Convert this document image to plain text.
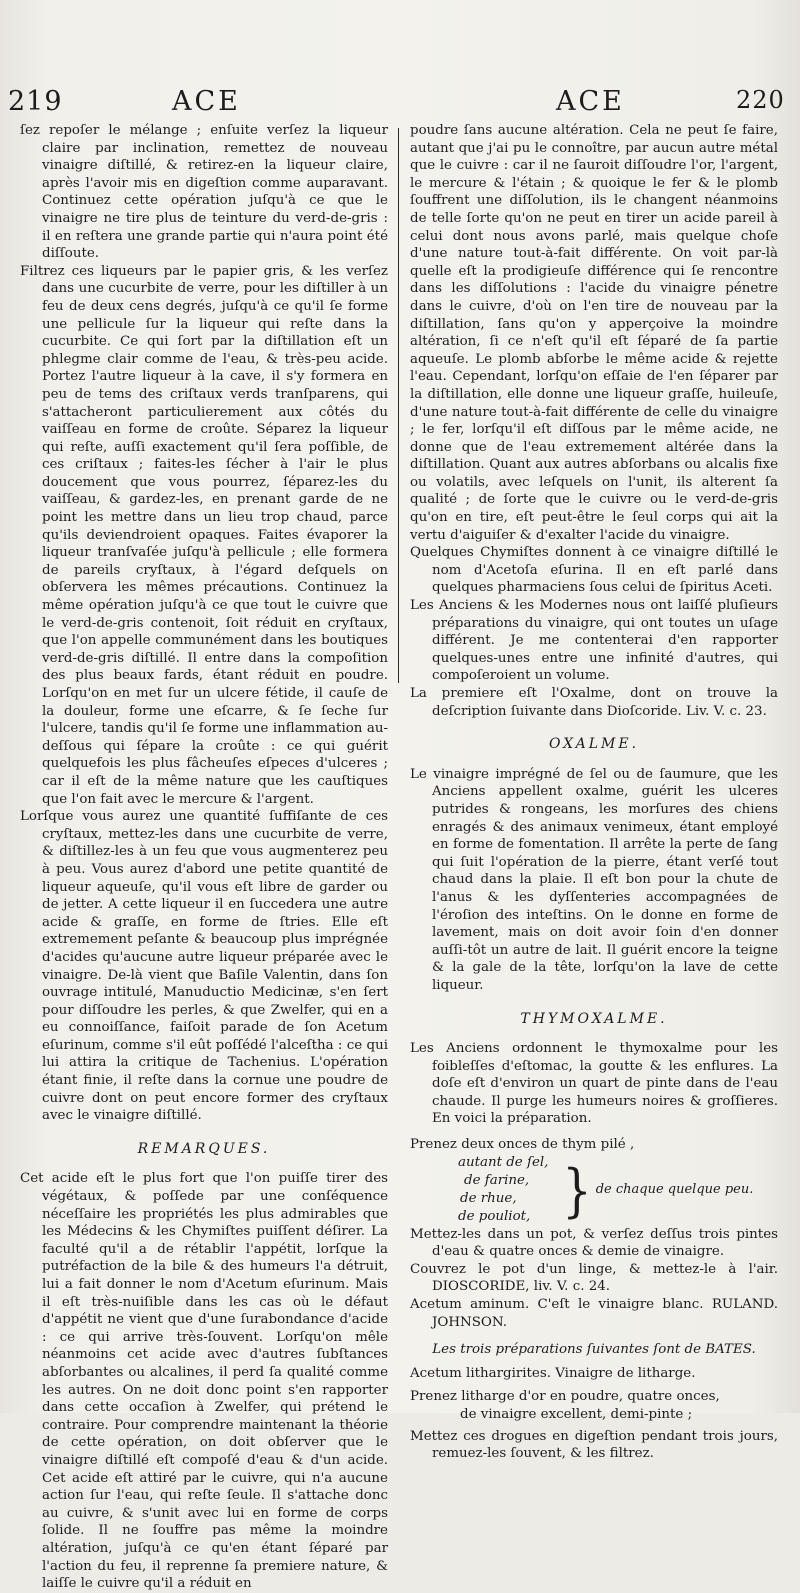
219	ACE	ACE	220

ſez repoſer le mélange ; enſuite verſez la liqueur claire par inclination, remettez de nouveau vinaigre diſtillé, & retirez-en la liqueur claire, après l'avoir mis en digeſtion comme auparavant. Continuez cette opération juſqu'à ce que le vinaigre ne tire plus de teinture du verd-de-gris : il en reſtera une grande partie qui n'aura point été diſſoute.

Filtrez ces liqueurs par le papier gris, & les verſez dans une cucurbite de verre, pour les diſtiller à un feu de deux cens degrés, juſqu'à ce qu'il ſe forme une pellicule ſur la liqueur qui reſte dans la cucurbite. Ce qui ſort par la diſtillation eſt un phlegme clair comme de l'eau, & très-peu acide. Portez l'autre liqueur à la cave, il s'y formera en peu de tems des criſtaux verds tranſparens, qui s'attacheront particulierement aux côtés du vaiſſeau en forme de croûte. Séparez la liqueur qui reſte, auſſi exactement qu'il ſera poſſible, de ces criſtaux ; faites-les ſécher à l'air le plus doucement que vous pourrez, ſéparez-les du vaiſſeau, & gardez-les, en prenant garde de ne point les mettre dans un lieu trop chaud, parce qu'ils deviendroient opaques. Faites évaporer la liqueur tranſvaſée juſqu'à pellicule ; elle formera de pareils cryſtaux, à l'égard deſquels on obſervera les mêmes précautions. Continuez la même opération juſqu'à ce que tout le cuivre que le verd-de-gris contenoit, ſoit réduit en cryſtaux, que l'on appelle communément dans les boutiques verd-de-gris diſtillé. Il entre dans la compoſition des plus beaux fards, étant réduit en poudre. Lorſqu'on en met ſur un ulcere fétide, il cauſe de la douleur, forme une eſcarre, & ſe ſeche ſur l'ulcere, tandis qu'il ſe forme une inflammation au-deſſous qui ſépare la croûte : ce qui guérit quelquefois les plus fâcheuſes eſpeces d'ulceres ; car il eſt de la même nature que les cauſtiques que l'on fait avec le mercure & l'argent.

Lorſque vous aurez une quantité ſuffiſante de ces cryſtaux, mettez-les dans une cucurbite de verre, & diſtillez-les à un feu que vous augmenterez peu à peu. Vous aurez d'abord une petite quantité de liqueur aqueuſe, qu'il vous eſt libre de garder ou de jetter. A cette liqueur il en ſuccedera une autre acide & graſſe, en forme de ſtries. Elle eſt extremement peſante & beaucoup plus imprégnée d'acides qu'aucune autre liqueur préparée avec le vinaigre. De-là vient que Baſile Valentin, dans ſon ouvrage intitulé, Manuductio Medicinæ, s'en ſert pour diſſoudre les perles, & que Zwelfer, qui en a eu connoiſſance, faiſoit parade de ſon Acetum eſurinum, comme s'il eût poſſédé l'alceſtha : ce qui lui attira la critique de Tachenius. L'opération étant finie, il reſte dans la cornue une poudre de cuivre dont on peut encore former des cryſtaux avec le vinaigre diſtillé.

REMARQUES.

Cet acide eſt le plus fort que l'on puiſſe tirer des végétaux, & poſſede par une conſéquence néceſſaire les propriétés les plus admirables que les Médecins & les Chymiſtes puiſſent déſirer. La faculté qu'il a de rétablir l'appétit, lorſque la putréfaction de la bile & des humeurs l'a détruit, lui a fait donner le nom d'Acetum eſurinum. Mais il eſt très-nuiſible dans les cas où le défaut d'appétit ne vient que d'une ſurabondance d'acide : ce qui arrive très-ſouvent. Lorſqu'on mêle néanmoins cet acide avec d'autres ſubſtances abſorbantes ou alcalines, il perd ſa qualité comme les autres. On ne doit donc point s'en rapporter dans cette occaſion à Zwelfer, qui prétend le contraire. Pour comprendre maintenant la théorie de cette opération, on doit obſerver que le vinaigre diſtillé eſt compoſé d'eau & d'un acide. Cet acide eſt attiré par le cuivre, qui n'a aucune action ſur l'eau, qui reſte ſeule. Il s'attache donc au cuivre, & s'unit avec lui en forme de corps ſolide. Il ne ſouffre pas même la moindre altération, juſqu'à ce qu'en étant ſéparé par l'action du feu, il reprenne ſa premiere nature, & laiſſe le cuivre qu'il a réduit en

poudre ſans aucune altération. Cela ne peut ſe faire, autant que j'ai pu le connoître, par aucun autre métal que le cuivre : car il ne ſauroit diſſoudre l'or, l'argent, le mercure & l'étain ; & quoique le fer & le plomb ſouffrent une diſſolution, ils le changent néanmoins de telle ſorte qu'on ne peut en tirer un acide pareil à celui dont nous avons parlé, mais quelque choſe d'une nature tout-à-fait différente. On voit par-là quelle eſt la prodigieuſe différence qui ſe rencontre dans les diſſolutions : l'acide du vinaigre pénetre dans le cuivre, d'où on l'en tire de nouveau par la diſtillation, ſans qu'on y apperçoive la moindre altération, ſi ce n'eſt qu'il eſt ſéparé de ſa partie aqueuſe. Le plomb abſorbe le même acide & rejette l'eau. Cependant, lorſqu'on eſſaie de l'en ſéparer par la diſtillation, elle donne une liqueur graſſe, huileuſe, d'une nature tout-à-fait différente de celle du vinaigre ; le fer, lorſqu'il eſt diſſous par le même acide, ne donne que de l'eau extremement altérée dans la diſtillation. Quant aux autres abſorbans ou alcalis fixe ou volatils, avec leſquels on l'unit, ils alterent ſa qualité ; de ſorte que le cuivre ou le verd-de-gris qu'on en tire, eſt peut-être le ſeul corps qui ait la vertu d'aiguiſer & d'exalter l'acide du vinaigre.

Quelques Chymiſtes donnent à ce vinaigre diſtillé le nom d'Acetoſa eſurina. Il en eſt parlé dans quelques pharmaciens ſous celui de ſpiritus Aceti.

Les Anciens & les Modernes nous ont laiſſé pluſieurs préparations du vinaigre, qui ont toutes un uſage différent. Je me contenterai d'en rapporter quelques-unes entre une infinité d'autres, qui compoſeroient un volume.

La premiere eſt l'Oxalme, dont on trouve la deſcription ſuivante dans Dioſcoride. Liv. V. c. 23.

OXALME.

Le vinaigre imprégné de ſel ou de ſaumure, que les Anciens appellent oxalme, guérit les ulceres putrides & rongeans, les morſures des chiens enragés & des animaux venimeux, étant employé en forme de fomentation. Il arrête la perte de ſang qui ſuit l'opération de la pierre, étant verſé tout chaud dans la plaie. Il eſt bon pour la chute de l'anus & les dyſſenteries accompagnées de l'éroſion des inteſtins. On le donne en forme de lavement, mais on doit avoir ſoin d'en donner auſſi-tôt un autre de lait. Il guérit encore la teigne & la gale de la tête, lorſqu'on la lave de cette liqueur.

THYMOXALME.

Les Anciens ordonnent le thymoxalme pour les foibleſſes d'eſtomac, la goutte & les enflures. La doſe eſt d'environ un quart de pinte dans de l'eau chaude. Il purge les humeurs noires & groſſieres. En voici la préparation.

Prenez deux onces de thym pilé ,
autant de ſel,
de farine,
de rhue,
de pouliot, } de chaque quelque peu.

Mettez-les dans un pot, & verſez deſſus trois pintes d'eau & quatre onces & demie de vinaigre.

Couvrez le pot d'un linge, & mettez-le à l'air. DIOSCORIDE, liv. V. c. 24.

Acetum aminum. C'eſt le vinaigre blanc. RULAND. JOHNSON.

Les trois préparations ſuivantes ſont de BATES.

Acetum lithargirites. Vinaigre de litharge.

Prenez litharge d'or en poudre, quatre onces,

de vinaigre excellent, demi-pinte ;

Mettez ces drogues en digeſtion pendant trois jours, remuez-les ſouvent, & les filtrez.
